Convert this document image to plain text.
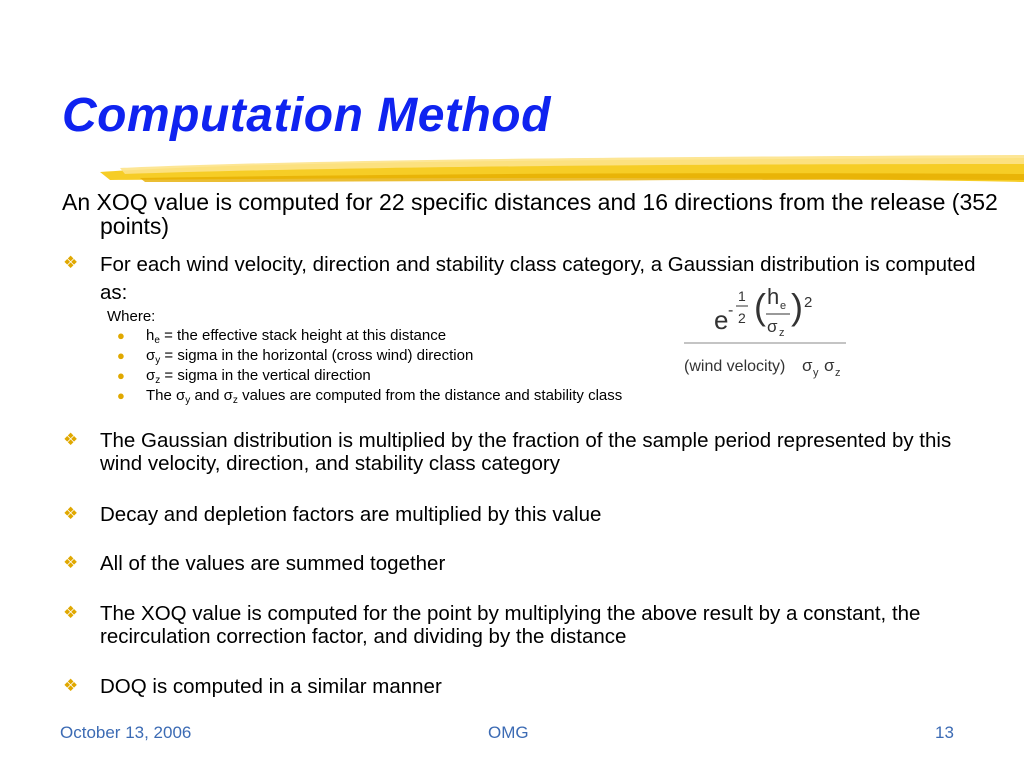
Computation Method
An XOQ value is computed for 22 specific distances and 16 directions from the release (352 points)
❖ For each wind velocity, direction and stability class category, a Gaussian distribution is computed as:
Where:
● $h_e$ = the effective stack height at this distance
● $\sigma_y$ = sigma in the horizontal (cross wind) direction
● $\sigma_z$ = sigma in the vertical direction
● The $\sigma_y$ and $\sigma_z$ values are computed from the distance and stability class
e -
1
2 ( h e
σ z
) 2
(wind velocity) σ y σ z
❖ The Gaussian distribution is multiplied by the fraction of the sample period represented by this wind velocity, direction, and stability class category
❖ Decay and depletion factors are multiplied by this value
❖ All of the values are summed together
❖ The XOQ value is computed for the point by multiplying the above result by a constant, the recirculation correction factor, and dividing by the distance
❖ DOQ is computed in a similar manner
October 13, 2006	OMG	13
